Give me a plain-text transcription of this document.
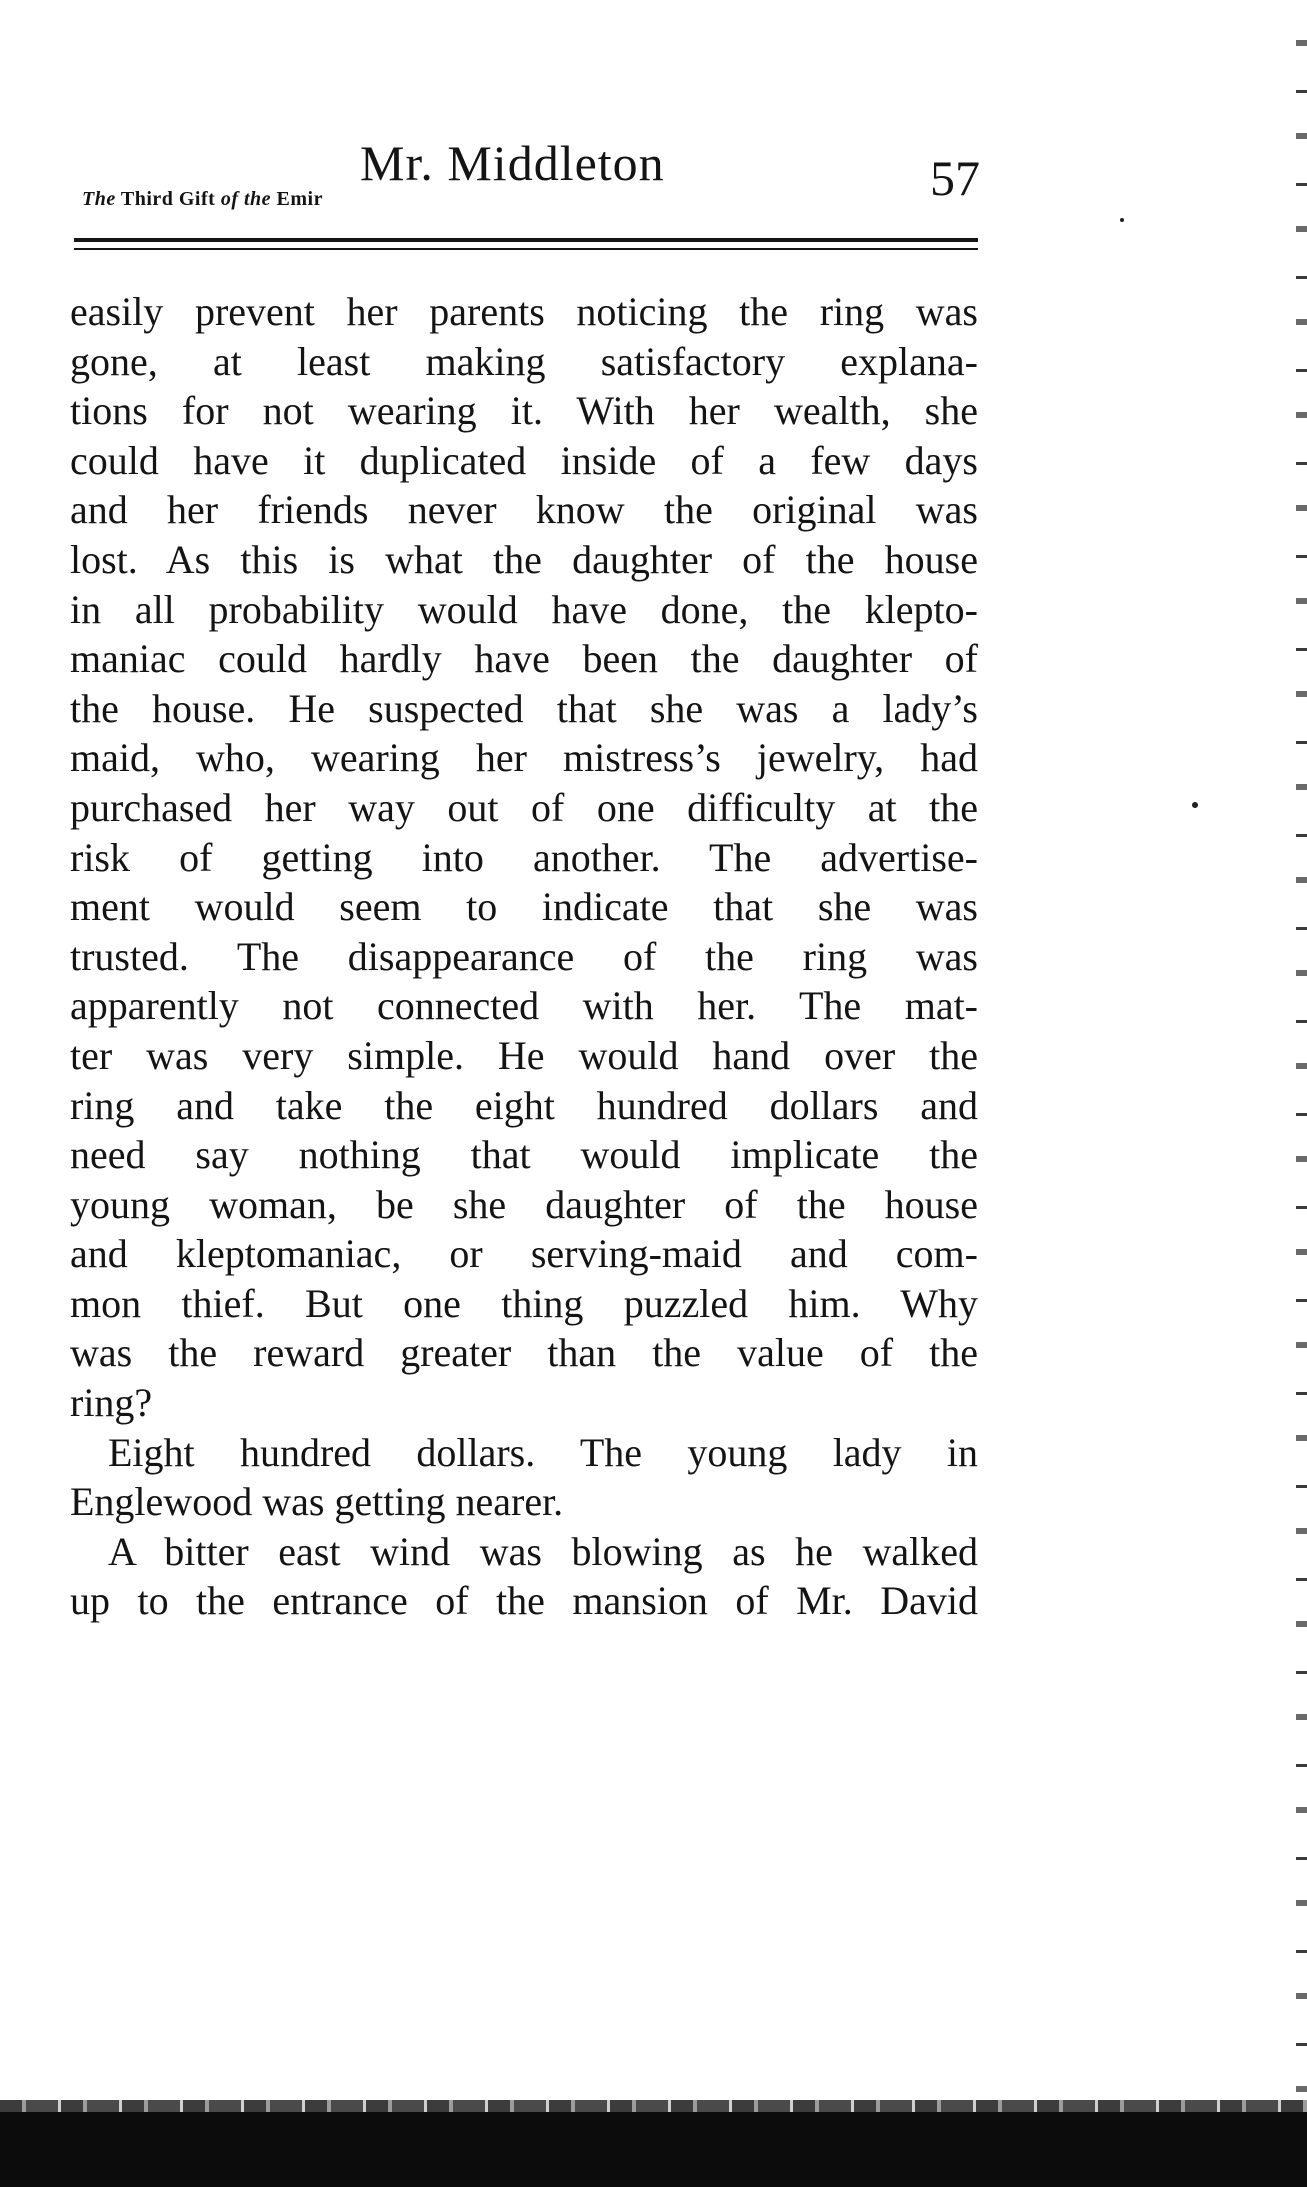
Mr. Middleton
The Third Gift of the Emir	57
easily prevent her parents noticing the ring was
gone, at least making satisfactory explana-
tions for not wearing it. With her wealth, she
could have it duplicated inside of a few days
and her friends never know the original was
lost. As this is what the daughter of the house
in all probability would have done, the klepto-
maniac could hardly have been the daughter of
the house. He suspected that she was a lady’s
maid, who, wearing her mistress’s jewelry, had
purchased her way out of one difficulty at the
risk of getting into another. The advertise-
ment would seem to indicate that she was
trusted. The disappearance of the ring was
apparently not connected with her. The mat-
ter was very simple. He would hand over the
ring and take the eight hundred dollars and
need say nothing that would implicate the
young woman, be she daughter of the house
and kleptomaniac, or serving-maid and com-
mon thief. But one thing puzzled him. Why
was the reward greater than the value of the
ring?
Eight hundred dollars. The young lady in
Englewood was getting nearer.
A bitter east wind was blowing as he walked
up to the entrance of the mansion of Mr. David
